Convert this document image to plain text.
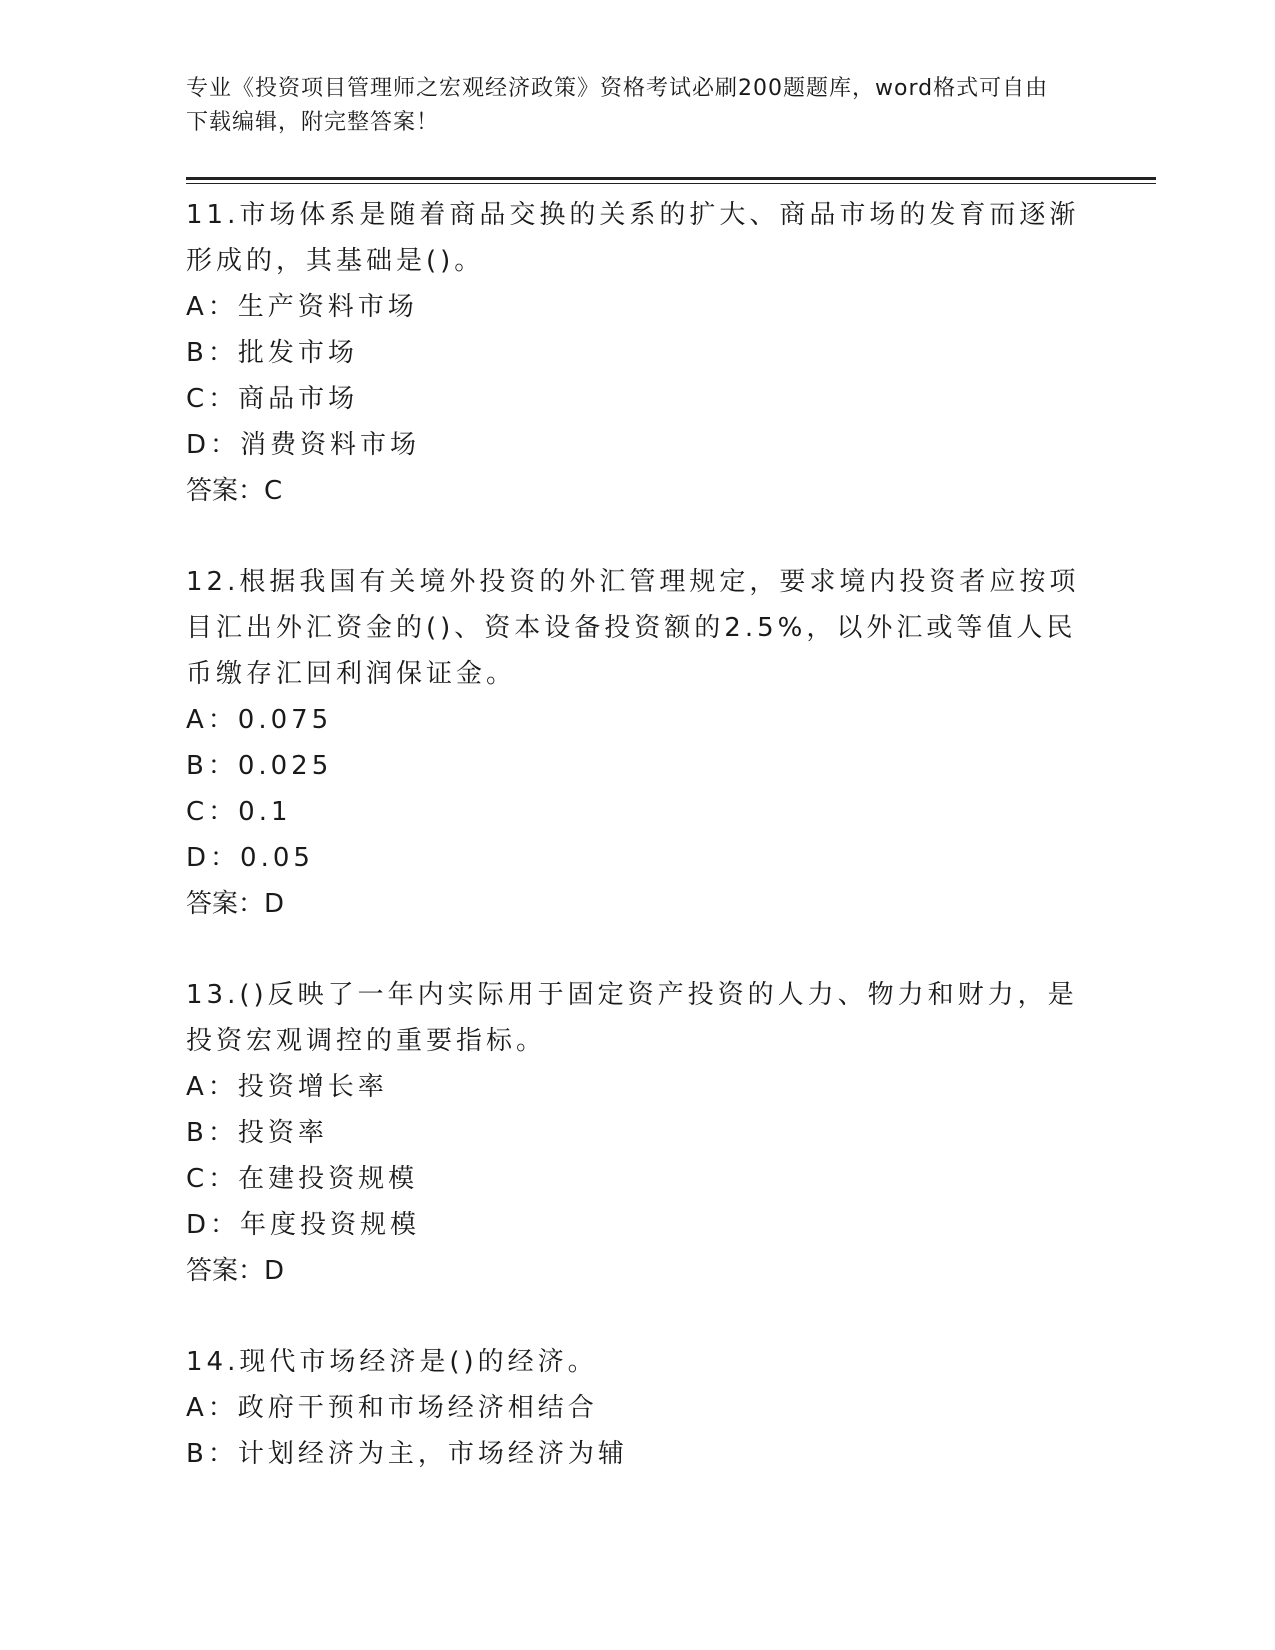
专业《投资项目管理师之宏观经济政策》资格考试必刷200题题库，word格式可自由下载编辑，附完整答案！

11.市场体系是随着商品交换的关系的扩大、商品市场的发育而逐渐形成的，其基础是()。

A：生产资料市场

B：批发市场

C：商品市场

D：消费资料市场

答案：C

12.根据我国有关境外投资的外汇管理规定，要求境内投资者应按项目汇出外汇资金的()、资本设备投资额的2.5%，以外汇或等值人民币缴存汇回利润保证金。

A：0.075

B：0.025

C：0.1

D：0.05

答案：D

13.()反映了一年内实际用于固定资产投资的人力、物力和财力，是投资宏观调控的重要指标。

A：投资增长率

B：投资率

C：在建投资规模

D：年度投资规模

答案：D

14.现代市场经济是()的经济。

A：政府干预和市场经济相结合

B：计划经济为主，市场经济为辅
